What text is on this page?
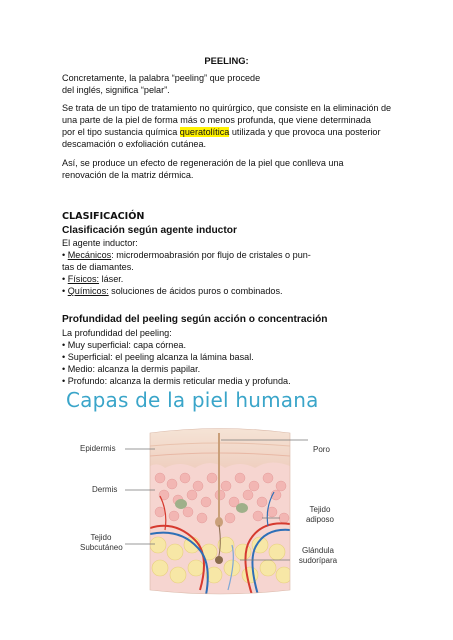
PEELING:
Concretamente, la palabra “peeling” que procede
del inglés, significa “pelar”.
Se trata de un tipo de tratamiento no quirúrgico, que consiste en la eliminación de
una parte de la piel de forma más o menos profunda, que viene determinada
por el tipo sustancia química queratolítica utilizada y que provoca una posterior
descamación o exfoliación cutánea.
Así, se produce un efecto de regeneración de la piel que conlleva una
renovación de la matriz dérmica.
CLASIFICACIÓN
Clasificación según agente inductor
El agente inductor:
• Mecánicos: microdermoabrasión por flujo de cristales o pun-
tas de diamantes.
• Físicos: láser.
• Químicos: soluciones de ácidos puros o combinados.
Profundidad del peeling según acción o concentración
La profundidad del peeling:
• Muy superficial: capa córnea.
• Superficial: el peeling alcanza la lámina basal.
• Medio: alcanza la dermis papilar.
• Profundo: alcanza la dermis reticular media y profunda.
Capas de la piel humana
Epidermis
Dermis
Tejido
Subcutáneo
Poro
Tejido
adiposo
Glándula
sudorípara
